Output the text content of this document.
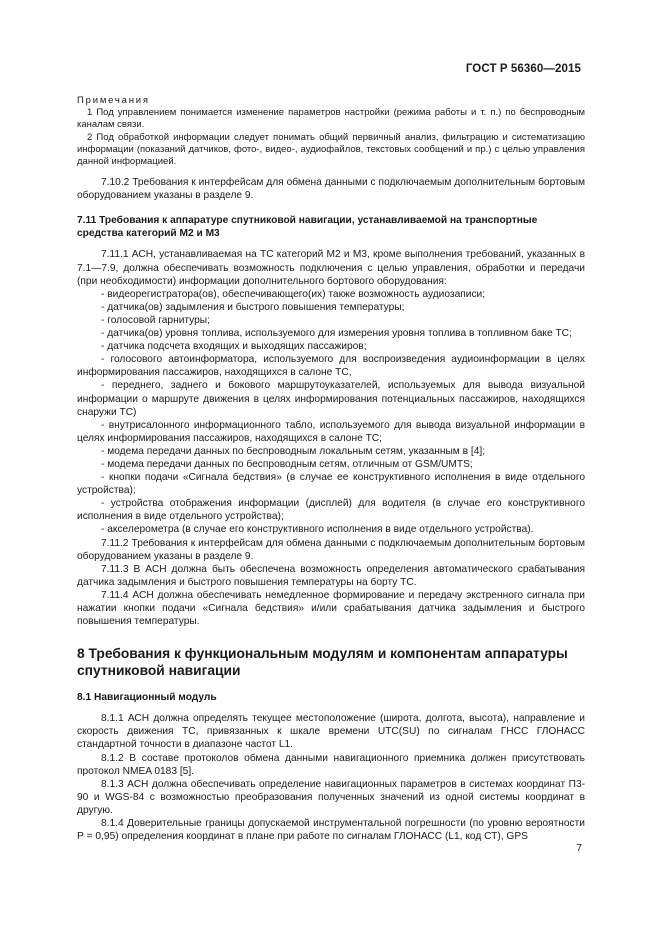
ГОСТ Р 56360—2015

Примечания

1 Под управлением понимается изменение параметров настройки (режима работы и т. п.) по беспроводным каналам связи.

2 Под обработкой информации следует понимать общий первичный анализ, фильтрацию и систематизацию информации (показаний датчиков, фото-, видео-, аудиофайлов, текстовых сообщений и пр.) с целью управления данной информацией.

7.10.2 Требования к интерфейсам для обмена данными с подключаемым дополнительным бортовым оборудованием указаны в разделе 9.

7.11 Требования к аппаратуре спутниковой навигации, устанавливаемой на транспортные средства категорий М2 и М3

7.11.1 АСН, устанавливаемая на ТС категорий М2 и М3, кроме выполнения требований, указанных в 7.1—7.9, должна обеспечивать возможность подключения с целью управления, обработки и передачи (при необходимости) информации дополнительного бортового оборудования:

- видеорегистратора(ов), обеспечивающего(их) также возможность аудиозаписи;

- датчика(ов) задымления и быстрого повышения температуры;

- голосовой гарнитуры;

- датчика(ов) уровня топлива, используемого для измерения уровня топлива в топливном баке ТС;

- датчика подсчета входящих и выходящих пассажиров;

- голосового автоинформатора, используемого для воспроизведения аудиоинформации в целях информирования пассажиров, находящихся в салоне ТС,

- переднего, заднего и бокового маршрутоуказателей, используемых для вывода визуальной информации о маршруте движения в целях информирования потенциальных пассажиров, находящихся снаружи ТС)

- внутрисалонного информационного табло, используемого для вывода визуальной информации в целях информирования пассажиров, находящихся в салоне ТС;

- модема передачи данных по беспроводным локальным сетям, указанным в [4];

- модема передачи данных по беспроводным сетям, отличным от GSM/UMTS;

- кнопки подачи «Сигнала бедствия» (в случае ее конструктивного исполнения в виде отдельного устройства);

- устройства отображения информации (дисплей) для водителя (в случае его конструктивного исполнения в виде отдельного устройства);

- акселерометра (в случае его конструктивного исполнения в виде отдельного устройства).

7.11.2 Требования к интерфейсам для обмена данными с подключаемым дополнительным бортовым оборудованием указаны в разделе 9.

7.11.3 В АСН должна быть обеспечена возможность определения автоматического срабатывания датчика задымления и быстрого повышения температуры на борту ТС.

7.11.4 АСН должна обеспечивать немедленное формирование и передачу экстренного сигнала при нажатии кнопки подачи «Сигнала бедствия» и/или срабатывания датчика задымления и быстрого повышения температуры.

8 Требования к функциональным модулям и компонентам аппаратуры спутниковой навигации

8.1 Навигационный модуль

8.1.1 АСН должна определять текущее местоположение (широта, долгота, высота), направление и скорость движения ТС, привязанных к шкале времени UTC(SU) по сигналам ГНСС ГЛОНАСС стандартной точности в диапазоне частот L1.

8.1.2 В составе протоколов обмена данными навигационного приемника должен присутствовать протокол NMEA 0183 [5].

8.1.3 АСН должна обеспечивать определение навигационных параметров в системах координат П3-90 и WGS-84 с возможностью преобразования полученных значений из одной системы координат в другую.

8.1.4 Доверительные границы допускаемой инструментальной погрешности (по уровню вероятности Р = 0,95) определения координат в плане при работе по сигналам ГЛОНАСС (L1, код СТ), GPS

7
